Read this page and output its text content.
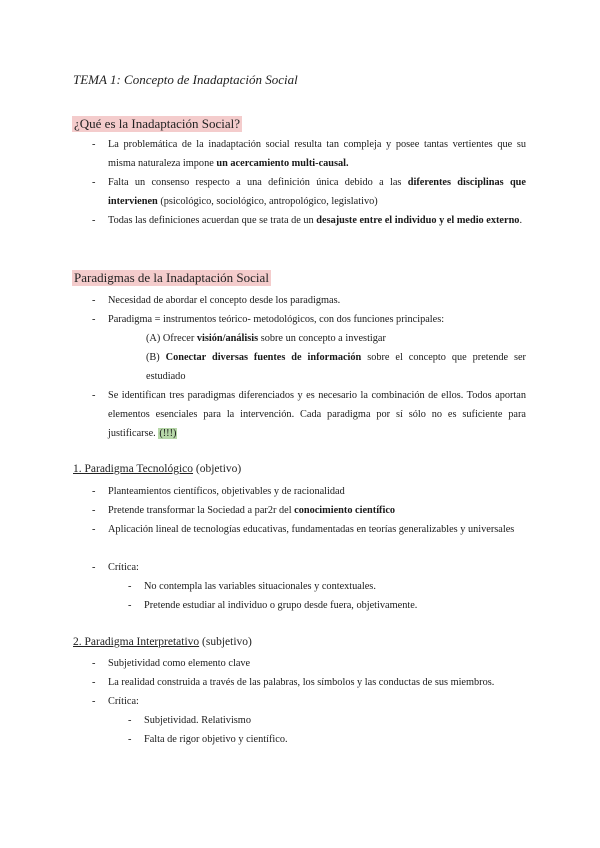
TEMA 1: Concepto de Inadaptación Social
¿Qué es la Inadaptación Social?
- La problemática de la inadaptación social resulta tan compleja y posee tantas vertientes que su misma naturaleza impone un acercamiento multi-causal.
- Falta un consenso respecto a una definición única debido a las diferentes disciplinas que intervienen (psicológico, sociológico, antropológico, legislativo)
- Todas las definiciones acuerdan que se trata de un desajuste entre el individuo y el medio externo.
Paradigmas de la Inadaptación Social
- Necesidad de abordar el concepto desde los paradigmas.
- Paradigma = instrumentos teórico- metodológicos, con dos funciones principales:
(A) Ofrecer visión/análisis sobre un concepto a investigar
(B) Conectar diversas fuentes de información sobre el concepto que pretende ser estudiado
- Se identifican tres paradigmas diferenciados y es necesario la combinación de ellos. Todos aportan elementos esenciales para la intervención. Cada paradigma por sí sólo no es suficiente para justificarse. (!!!)
1. Paradigma Tecnológico (objetivo)
- Planteamientos científicos, objetivables y de racionalidad
- Pretende transformar la Sociedad a par2r del conocimiento científico
- Aplicación lineal de tecnologías educativas, fundamentadas en teorías generalizables y universales
- Crítica:
- No contempla las variables situacionales y contextuales.
- Pretende estudiar al individuo o grupo desde fuera, objetivamente.
2. Paradigma Interpretativo (subjetivo)
- Subjetividad como elemento clave
- La realidad construida a través de las palabras, los símbolos y las conductas de sus miembros.
- Crítica:
- Subjetividad. Relativismo
- Falta de rigor objetivo y científico.
